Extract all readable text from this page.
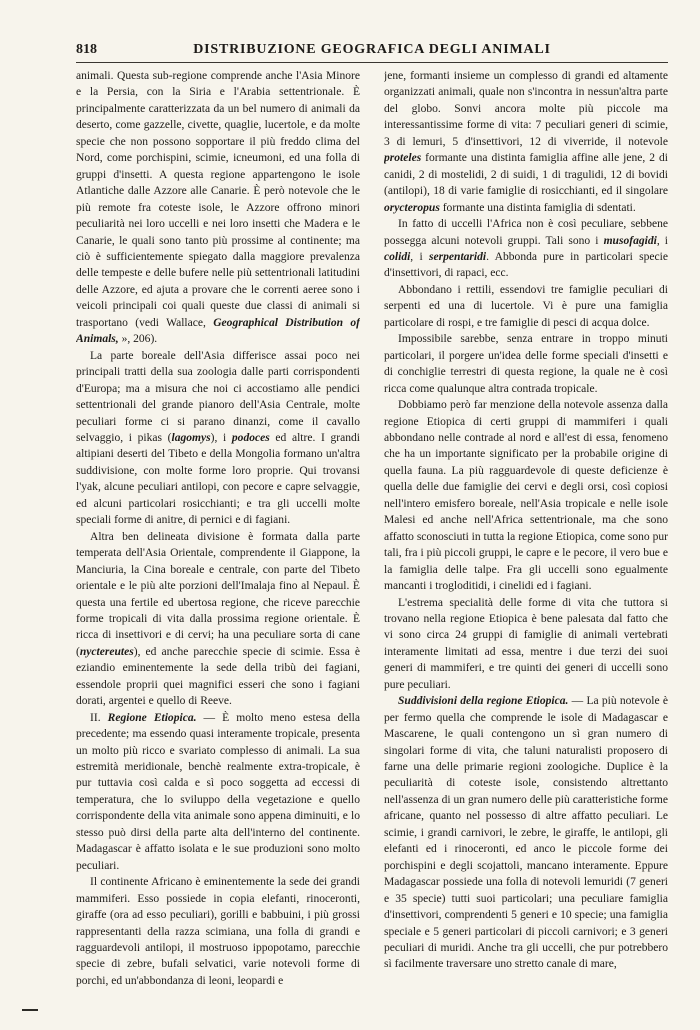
818	DISTRIBUZIONE GEOGRAFICA DEGLI ANIMALI

animali. Questa sub-regione comprende anche l'Asia Minore e la Persia, con la Siria e l'Arabia settentrionale. È principalmente caratterizzata da un bel numero di animali da deserto, come gazzelle, civette, quaglie, lucertole, e da molte specie che non possono sopportare il più freddo clima del Nord, come porchispini, scimie, icneumoni, ed una folla di gruppi d'insetti. A questa regione appartengono le isole Atlantiche dalle Azzore alle Canarie. È però notevole che le più remote fra coteste isole, le Azzore offrono minori peculiarità nei loro uccelli e nei loro insetti che Madera e le Canarie, le quali sono tanto più prossime al continente; ma ciò è sufficientemente spiegato dalla maggiore prevalenza delle tempeste e delle bufere nelle più settentrionali latitudini delle Azzore, ed ajuta a provare che le correnti aeree sono i veicoli principali coi quali queste due classi di animali si trasportano (vedi Wallace, Geographical Distribution of Animals, », 206).

La parte boreale dell'Asia differisce assai poco nei principali tratti della sua zoologia dalle parti corrispondenti d'Europa; ma a misura che noi ci accostiamo alle pendici settentrionali del grande pianoro dell'Asia Centrale, molte peculiari forme ci si parano dinanzi, come il cavallo selvaggio, i pikas (lagomys), i podoces ed altre. I grandi altipiani deserti del Tibeto e della Mongolia formano un'altra suddivisione, con molte forme loro proprie. Qui trovansi l'yak, alcune peculiari antilopi, con pecore e capre selvaggie, ed alcuni particolari rosicchianti; e tra gli uccelli molte speciali forme di anitre, di pernici e di fagiani.

Altra ben delineata divisione è formata dalla parte temperata dell'Asia Orientale, comprendente il Giappone, la Manciuria, la Cina boreale e centrale, con parte del Tibeto orientale e le più alte porzioni dell'Imalaja fino al Nepaul. È questa una fertile ed ubertosa regione, che riceve parecchie forme tropicali di vita dalla prossima regione orientale. È ricca di insettivori e di cervi; ha una peculiare sorta di cane (nyctereutes), ed anche parecchie specie di scimie. Essa è eziandio eminentemente la sede della tribù dei fagiani, essendole proprii quei magnifici esseri che sono i fagiani dorati, argentei e quello di Reeve.

II. Regione Etiopica. — È molto meno estesa della precedente; ma essendo quasi interamente tropicale, presenta un molto più ricco e svariato complesso di animali. La sua estremità meridionale, benchè realmente extra-tropicale, è pur tuttavia così calda e sì poco soggetta ad eccessi di temperatura, che lo sviluppo della vegetazione e quello corrispondente della vita animale sono appena diminuiti, e lo stesso può dirsi della parte alta dell'interno del continente. Madagascar è affatto isolata e le sue produzioni sono molto peculiari.

Il continente Africano è eminentemente la sede dei grandi mammiferi. Esso possiede in copia elefanti, rinoceronti, giraffe (ora ad esso peculiari), gorilli e babbuini, i più grossi rappresentanti della razza scimiana, una folla di grandi e ragguardevoli antilopi, il mostruoso ippopotamo, parecchie specie di zebre, bufali selvatici, varie notevoli forme di porchi, ed un'abbondanza di leoni, leopardi e

jene, formanti insieme un complesso di grandi ed altamente organizzati animali, quale non s'incontra in nessun'altra parte del globo. Sonvi ancora molte più piccole ma interessantissime forme di vita: 7 peculiari generi di scimie, 3 di lemuri, 5 d'insettivori, 12 di viverride, il notevole proteles formante una distinta famiglia affine alle jene, 2 di canidi, 2 di mostelidi, 2 di suidi, 1 di tragulidi, 12 di bovidi (antilopi), 18 di varie famiglie di rosicchianti, ed il singolare orycteropus formante una distinta famiglia di sdentati.

In fatto di uccelli l'Africa non è così peculiare, sebbene possegga alcuni notevoli gruppi. Tali sono i musofagidi, i colidi, i serpentaridi. Abbonda pure in particolari specie d'insettivori, di rapaci, ecc.

Abbondano i rettili, essendovi tre famiglie peculiari di serpenti ed una di lucertole. Vi è pure una famiglia particolare di rospi, e tre famiglie di pesci di acqua dolce.

Impossibile sarebbe, senza entrare in troppo minuti particolari, il porgere un'idea delle forme speciali d'insetti e di conchiglie terrestri di questa regione, la quale ne è così ricca come qualunque altra contrada tropicale.

Dobbiamo però far menzione della notevole assenza dalla regione Etiopica di certi gruppi di mammiferi i quali abbondano nelle contrade al nord e all'est di essa, fenomeno che ha un importante significato per la probabile origine di quella fauna. La più ragguardevole di queste deficienze è quella delle due famiglie dei cervi e degli orsi, così copiosi nell'intero emisfero boreale, nell'Asia tropicale e nelle isole Malesi ed anche nell'Africa settentrionale, ma che sono affatto sconosciuti in tutta la regione Etiopica, come sono pur tali, fra i più piccoli gruppi, le capre e le pecore, il vero bue e la famiglia delle talpe. Fra gli uccelli sono egualmente mancanti i trogloditidi, i cinelidi ed i fagiani.

L'estrema specialità delle forme di vita che tuttora si trovano nella regione Etiopica è bene palesata dal fatto che vi sono circa 24 gruppi di famiglie di animali vertebrati interamente limitati ad essa, mentre i due terzi dei suoi generi di mammiferi, e tre quinti dei generi di uccelli sono pure peculiari.

Suddivisioni della regione Etiopica. — La più notevole è per fermo quella che comprende le isole di Madagascar e Mascarene, le quali contengono un sì gran numero di singolari forme di vita, che taluni naturalisti proposero di farne una delle primarie regioni zoologiche. Duplice è la peculiarità di coteste isole, consistendo altrettanto nell'assenza di un gran numero delle più caratteristiche forme africane, quanto nel possesso di altre affatto peculiari. Le scimie, i grandi carnivori, le zebre, le giraffe, le antilopi, gli elefanti ed i rinoceronti, ed anco le piccole forme dei porchispini e degli scojattoli, mancano interamente. Eppure Madagascar possiede una folla di notevoli lemuridi (7 generi e 35 specie) tutti suoi particolari; una peculiare famiglia d'insettivori, comprendenti 5 generi e 10 specie; una famiglia speciale e 5 generi particolari di piccoli carnivori; e 3 generi peculiari di muridi. Anche tra gli uccelli, che pur potrebbero sì facilmente traversare uno stretto canale di mare,
